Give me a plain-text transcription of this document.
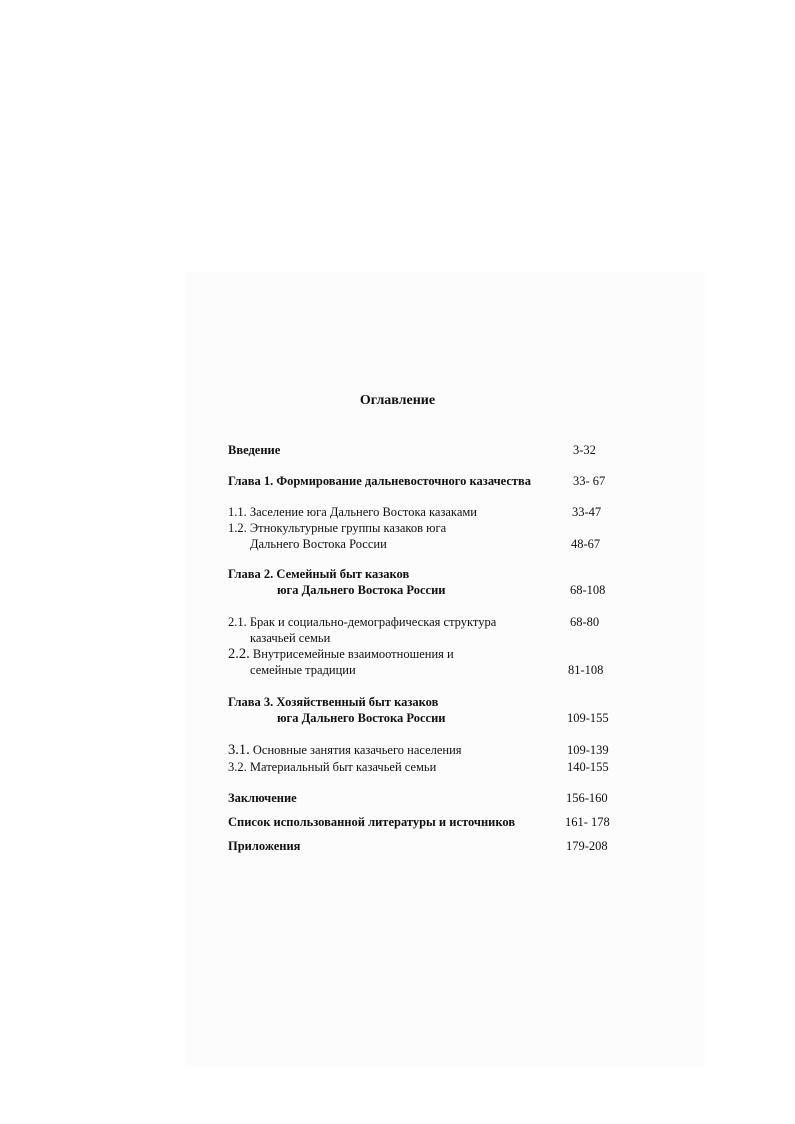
Оглавление
Введение	3-32
Глава 1. Формирование дальневосточного казачества	33- 67
1.1. Заселение юга Дальнего Востока казаками	33-47
1.2. Этнокультурные группы казаков юга
Дальнего Востока России	48-67
Глава 2. Семейный быт казаков
юга Дальнего Востока России	68-108
2.1. Брак и социально-демографическая структура	68-80
казачьей семьи
2.2. Внутрисемейные взаимоотношения и
семейные традиции	81-108
Глава 3. Хозяйственный быт казаков
юга Дальнего Востока России	109-155
3.1. Основные занятия казачьего населения	109-139
3.2. Материальный быт казачьей семьи	140-155
Заключение	156-160
Список использованной литературы и источников	161- 178
Приложения	179-208
